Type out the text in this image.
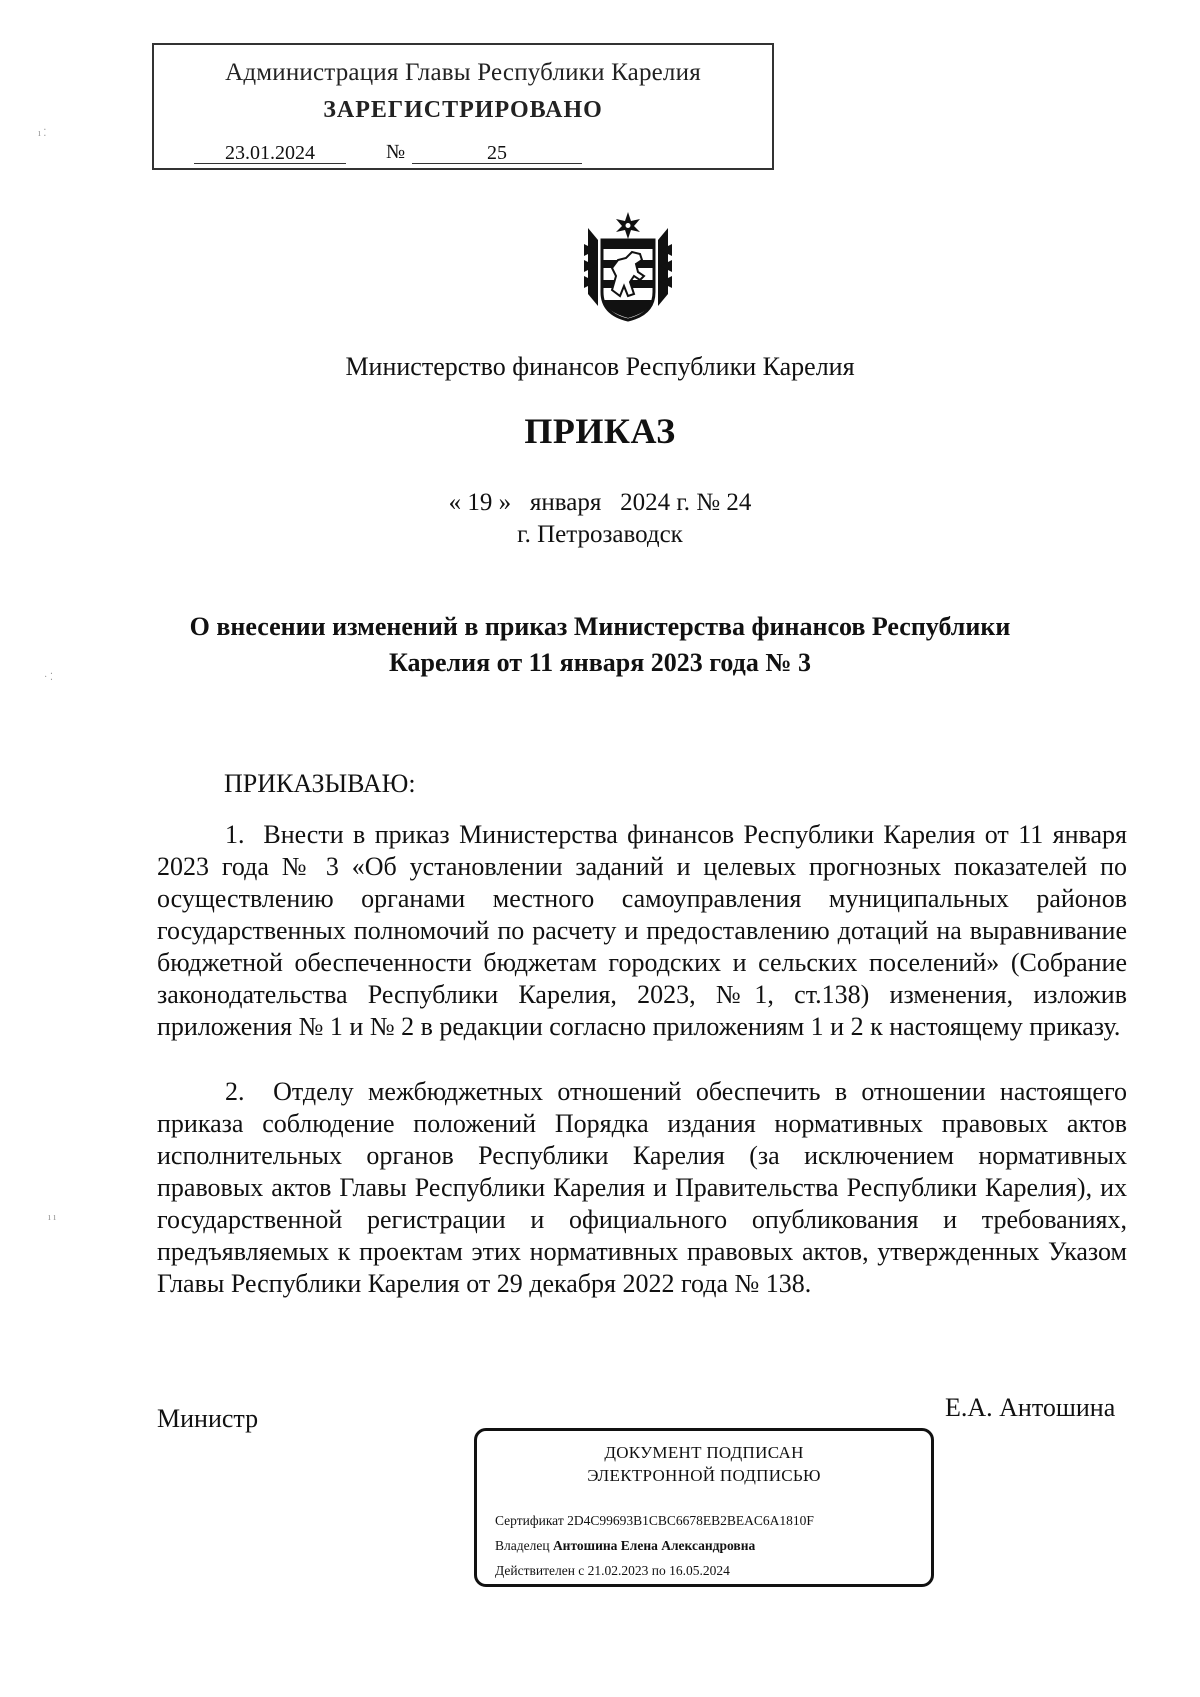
Администрация Главы Республики Карелия
ЗАРЕГИСТРИРОВАНО
23.01.2024	№	25
ı ⁚
· ⁚
ı ı
Министерство финансов Республики Карелия
ПРИКАЗ
« 19 »   января   2024 г. № 24
г. Петрозаводск
О внесении изменений в приказ Министерства финансов Республики
Карелия от 11 января 2023 года № 3
ПРИКАЗЫВАЮ:

1.  Внести в приказ Министерства финансов Республики Карелия от 11 января 2023 года № 3 «Об установлении заданий и целевых прогнозных показателей по осуществлению органами местного самоуправления муниципальных районов государственных полномочий по расчету и предоставлению дотаций на выравнивание бюджетной обеспеченности бюджетам городских и сельских поселений» (Собрание законодательства Республики Карелия, 2023, №1, ст.138) изменения, изложив приложения № 1 и № 2 в редакции согласно приложениям 1 и 2 к настоящему приказу.

2.  Отделу межбюджетных отношений обеспечить в отношении настоящего приказа соблюдение положений Порядка издания нормативных правовых актов исполнительных органов Республики Карелия (за исключением нормативных правовых актов Главы Республики Карелия и Правительства Республики Карелия), их государственной регистрации и официального опубликования и требованиях, предъявляемых к проектам этих нормативных правовых актов, утвержденных Указом Главы Республики Карелия от 29 декабря 2022 года № 138.

Министр	Е.А. Антошина
ДОКУМЕНТ ПОДПИСАН
ЭЛЕКТРОННОЙ ПОДПИСЬЮ
Сертификат 2D4C99693B1CBC6678EB2BEAC6A1810F
Владелец Антошина Елена Александровна
Действителен с 21.02.2023 по 16.05.2024
